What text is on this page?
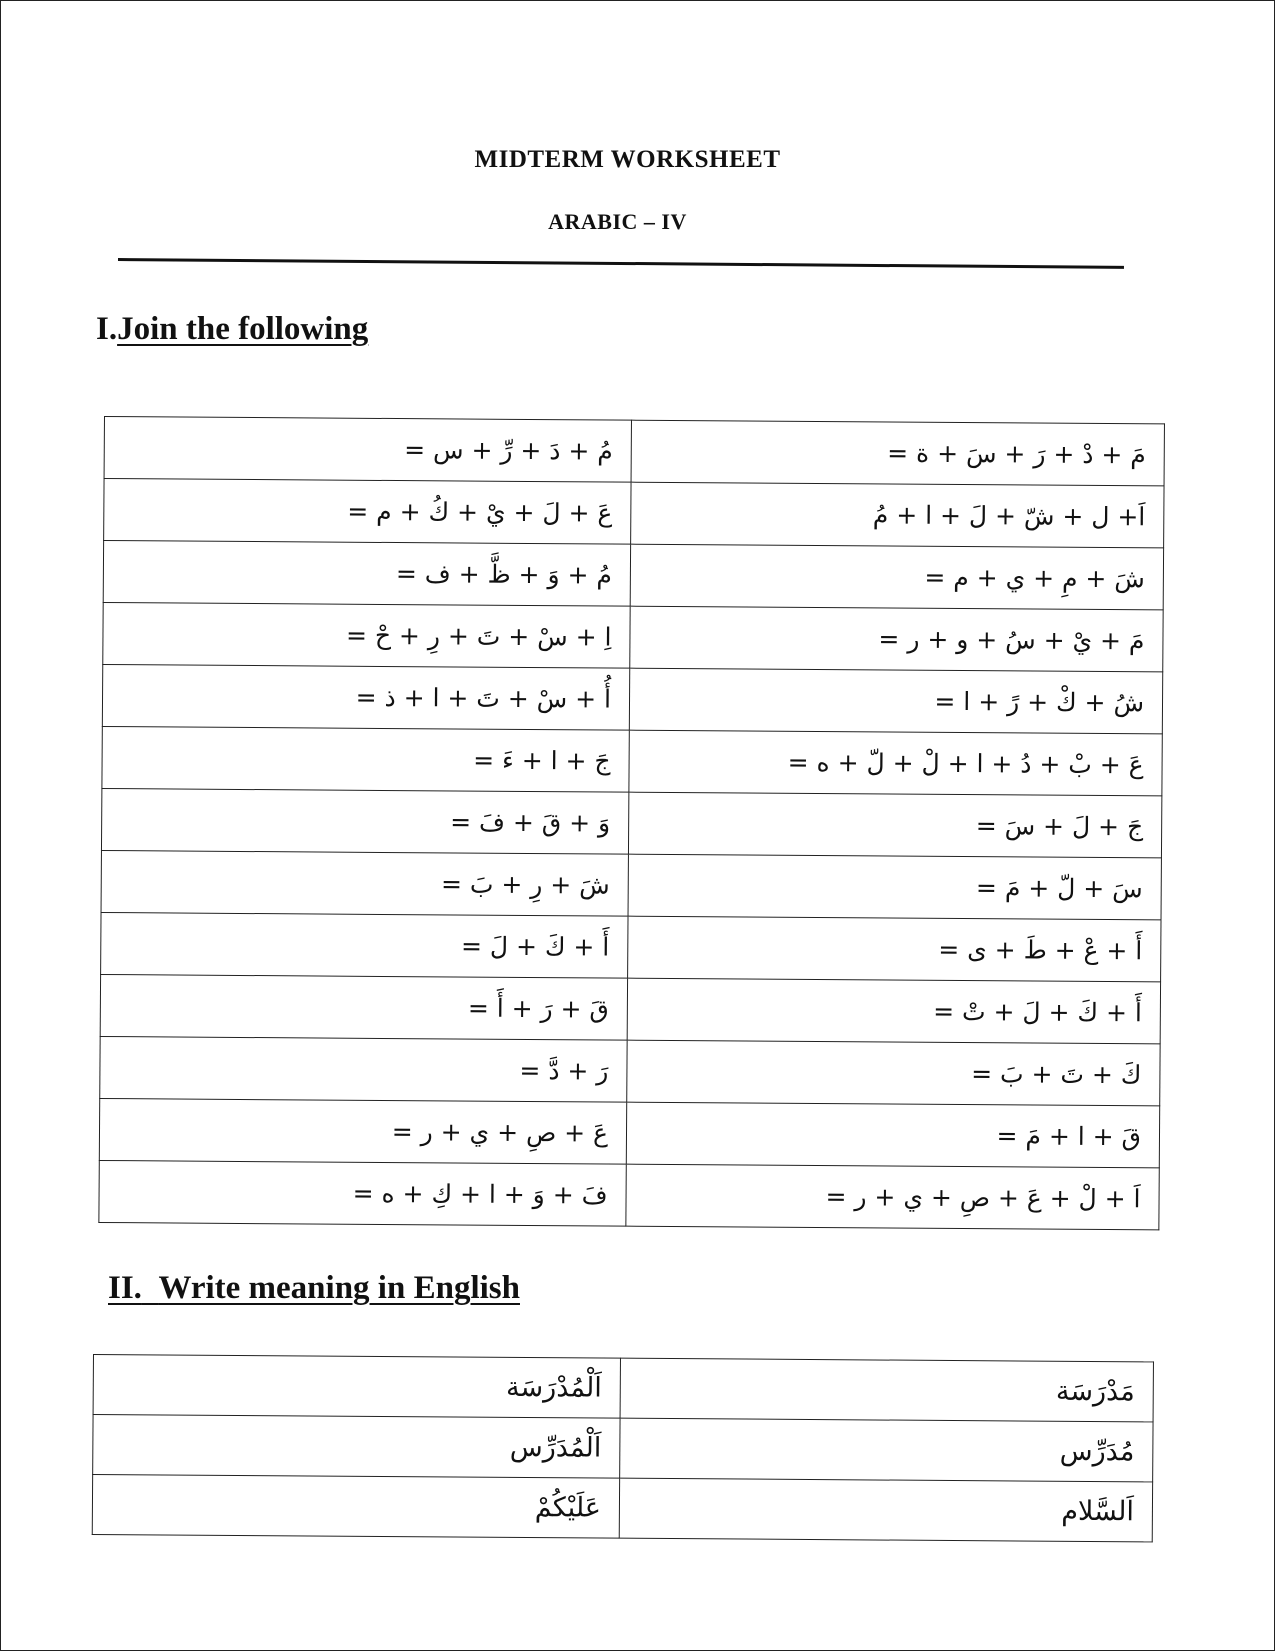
MIDTERM WORKSHEET
ARABIC – IV
I.Join the following
مُ + دَ + رِّ + س =	مَ + دْ + رَ + سَ + ة =
عَ + لَ + يْ + كُ + م =	اَ+ ل + شّ + لَ + ا + مُ
مُ + وَ + ظَّ + ف =	شَ + مِ + ي + م =
اِ + سْ + تَ + رِ + حْ =	مَ + يْ + سُ + و + ر =
أُ + سْ + تَ + ا + ذ =	شُ + كْ + رً + ا =
جَ + ا + ءَ =	عَ + بْ + دُ + ا + لْ + لّ + ه =
وَ + قَ + فَ =	جَ + لَ + سَ =
شَ + رِ + بَ =	سَ + لّ + مَ =
أَ + كَ + لَ =	أَ + عْ + طَ + ى =
قَ + رَ + أَ =	أَ + كَ + لَ + تْ =
رَ + دَّ =	كَ + تَ + بَ =
عَ + صِ + ي + ر =	قَ + ا + مَ =
فَ + وَ + ا + كِ + ه =	اَ + لْ + عَ + صِ + ي + ر =
II. Write meaning in English
اَلْمُدْرَسَة	مَدْرَسَة
اَلْمُدَرِّس	مُدَرِّس
عَلَيْكُمْ	اَلسَّلام
